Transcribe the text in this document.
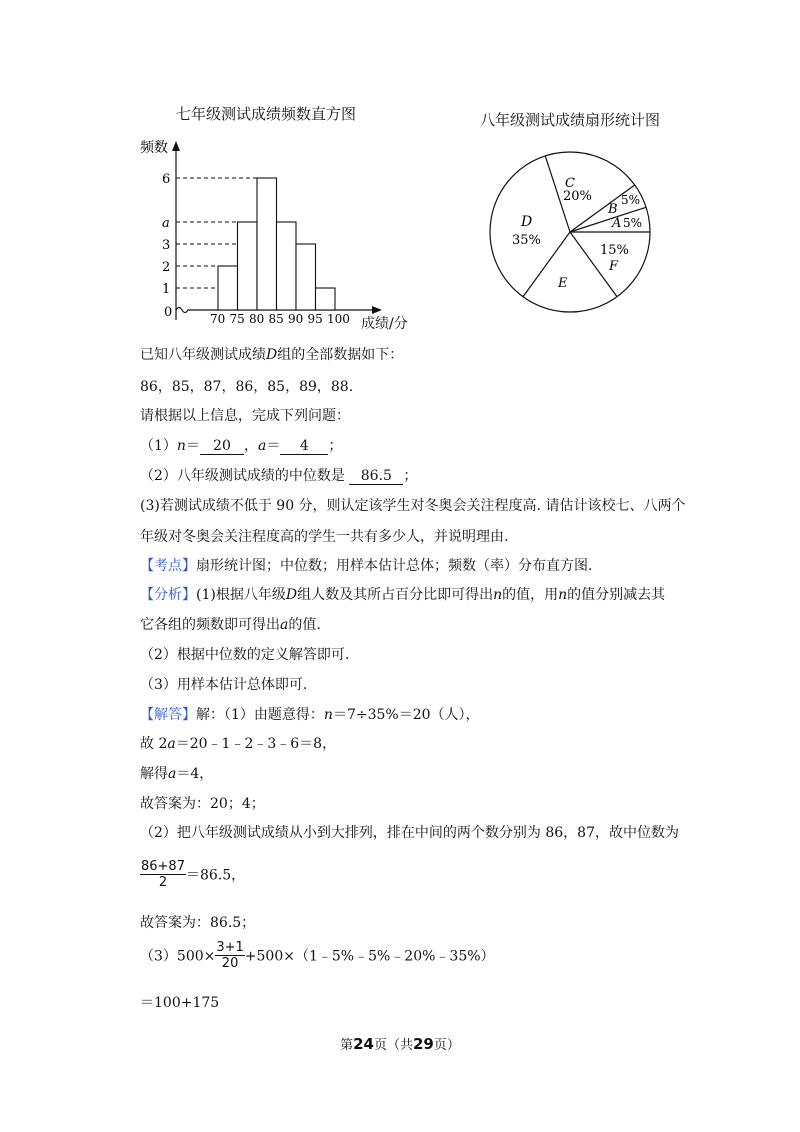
七年级测试成绩频数直方图	八年级测试成绩扇形统计图
频数
0
1
2
3
a
6
70 75 80 85 90 95 100 成绩/分
C
20% 5%
B
A 5%
D
35%
15%
F
E
已知八年级测试成绩D组的全部数据如下：
86，85，87，86，85，89，88.
请根据以上信息，完成下列问题：
（1）n＝ 20 ，a＝ 4 ；
（2）八年级测试成绩的中位数是 86.5 ；
(3)若测试成绩不低于 90 分，则认定该学生对冬奥会关注程度高. 请估计该校七、八两个
年级对冬奥会关注程度高的学生一共有多少人，并说明理由.
【考点】扇形统计图；中位数；用样本估计总体；频数（率）分布直方图.
【分析】(1)根据八年级D组人数及其所占百分比即可得出n的值，用n的值分别减去其
它各组的频数即可得出a的值.
（2）根据中位数的定义解答即可.
（3）用样本估计总体即可.
【解答】解：（1）由题意得：n＝7÷35%＝20（人），
故 2a＝20﹣1﹣2﹣3﹣6＝8，
解得a＝4，
故答案为：20；4；
（2）把八年级测试成绩从小到大排列，排在中间的两个数分别为 86，87，故中位数为
$\frac{86+87}{2} =86.5$，
故答案为：86.5；
$(3)500\times \frac{3+1}{20}$ +500×（1﹣5%﹣5%﹣20%﹣35%）
＝100+175
第24页（共29页）
